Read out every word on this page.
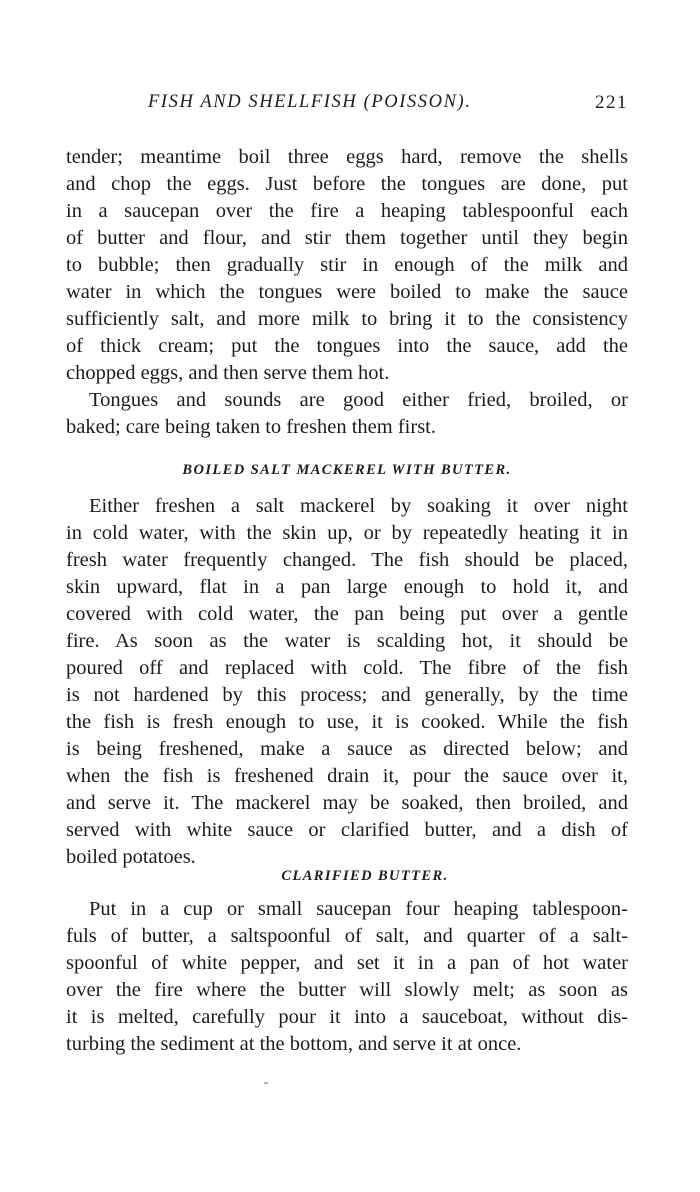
FISH AND SHELLFISH (POISSON).	221
tender; meantime boil three eggs hard, remove the shells
and chop the eggs. Just before the tongues are done, put
in a saucepan over the fire a heaping tablespoonful each
of butter and flour, and stir them together until they begin
to bubble; then gradually stir in enough of the milk and
water in which the tongues were boiled to make the sauce
sufficiently salt, and more milk to bring it to the consistency
of thick cream; put the tongues into the sauce, add the
chopped eggs, and then serve them hot.
Tongues and sounds are good either fried, broiled, or
baked; care being taken to freshen them first.
BOILED SALT MACKEREL WITH BUTTER.
Either freshen a salt mackerel by soaking it over night
in cold water, with the skin up, or by repeatedly heating it in
fresh water frequently changed. The fish should be placed,
skin upward, flat in a pan large enough to hold it, and
covered with cold water, the pan being put over a gentle
fire. As soon as the water is scalding hot, it should be
poured off and replaced with cold. The fibre of the fish
is not hardened by this process; and generally, by the time
the fish is fresh enough to use, it is cooked. While the fish
is being freshened, make a sauce as directed below; and
when the fish is freshened drain it, pour the sauce over it,
and serve it. The mackerel may be soaked, then broiled, and
served with white sauce or clarified butter, and a dish of
boiled potatoes.
CLARIFIED BUTTER.
Put in a cup or small saucepan four heaping tablespoon-
fuls of butter, a saltspoonful of salt, and quarter of a salt-
spoonful of white pepper, and set it in a pan of hot water
over the fire where the butter will slowly melt; as soon as
it is melted, carefully pour it into a sauceboat, without dis-
turbing the sediment at the bottom, and serve it at once.
